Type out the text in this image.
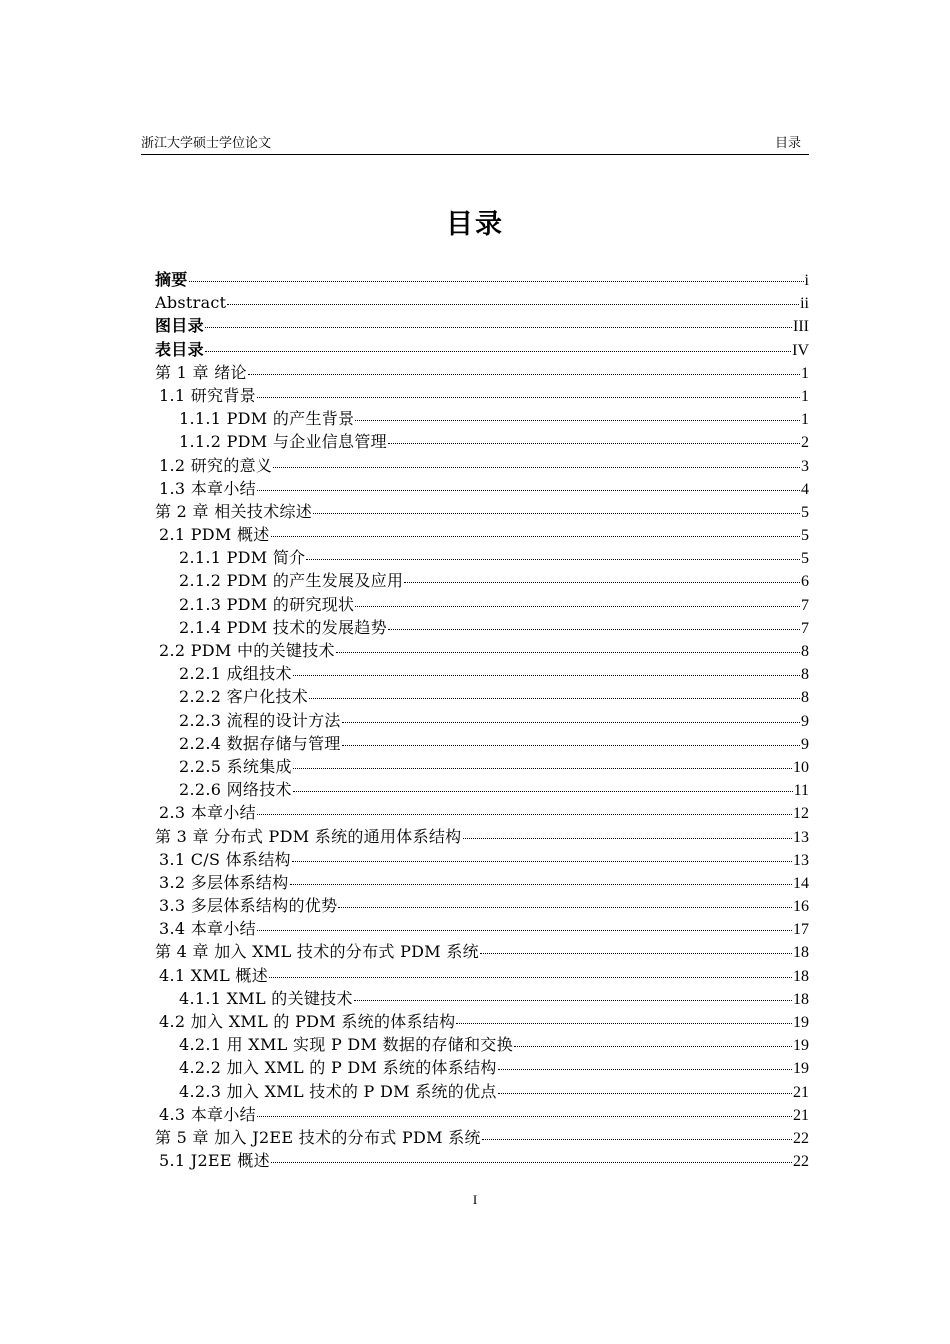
浙江大学硕士学位论文	目录
目录
摘要	i
Abstract	ii
图目录	III
表目录	IV
第 1 章 绪论	1
1.1 研究背景	1
1.1.1 PDM 的产生背景	1
1.1.2 PDM 与企业信息管理	2
1.2 研究的意义	3
1.3 本章小结	4
第 2 章 相关技术综述	5
2.1 PDM 概述	5
2.1.1 PDM 简介	5
2.1.2 PDM 的产生发展及应用	6
2.1.3 PDM 的研究现状	7
2.1.4 PDM 技术的发展趋势	7
2.2 PDM 中的关键技术	8
2.2.1 成组技术	8
2.2.2 客户化技术	8
2.2.3 流程的设计方法	9
2.2.4 数据存储与管理	9
2.2.5 系统集成	10
2.2.6 网络技术	11
2.3 本章小结	12
第 3 章 分布式 PDM 系统的通用体系结构	13
3.1 C/S 体系结构	13
3.2 多层体系结构	14
3.3 多层体系结构的优势	16
3.4 本章小结	17
第 4 章 加入 XML 技术的分布式 PDM 系统	18
4.1 XML 概述	18
4.1.1 XML 的关键技术	18
4.2 加入 XML 的 PDM 系统的体系结构	19
4.2.1 用 XML 实现 P DM 数据的存储和交换	19
4.2.2 加入 XML 的 P DM 系统的体系结构	19
4.2.3 加入 XML 技术的 P DM 系统的优点	21
4.3 本章小结	21
第 5 章 加入 J2EE 技术的分布式 PDM 系统	22
5.1 J2EE 概述	22
I
